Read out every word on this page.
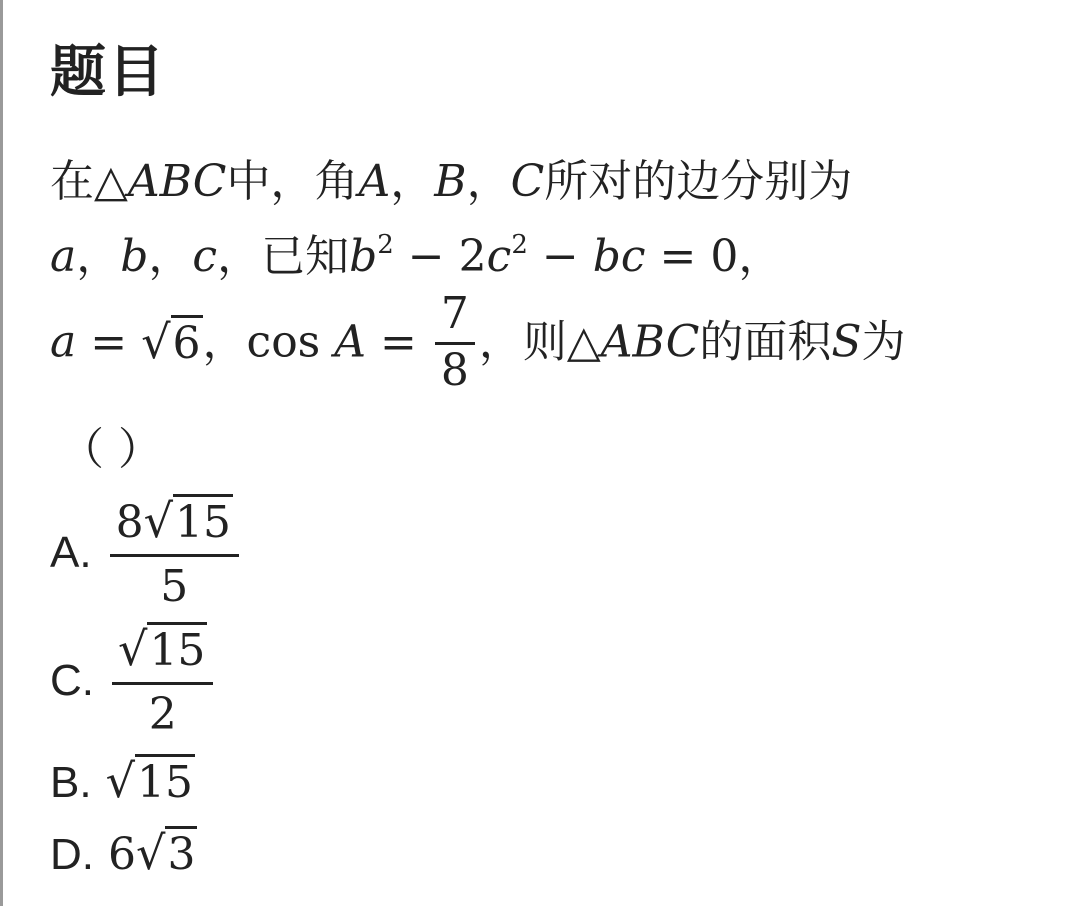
题目
在△ABC中，角A，B，C所对的边分别为
a，b，c，已知$b^2 - 2c^2$ − bc = 0，
a = √6，$\cos A = \frac{7}{8}$ ，则△ABC的面积S为
（ ）
A. $\frac{8√15}{5}$
C. $\frac{√15}{2}$
B. √15
D. 6√3
